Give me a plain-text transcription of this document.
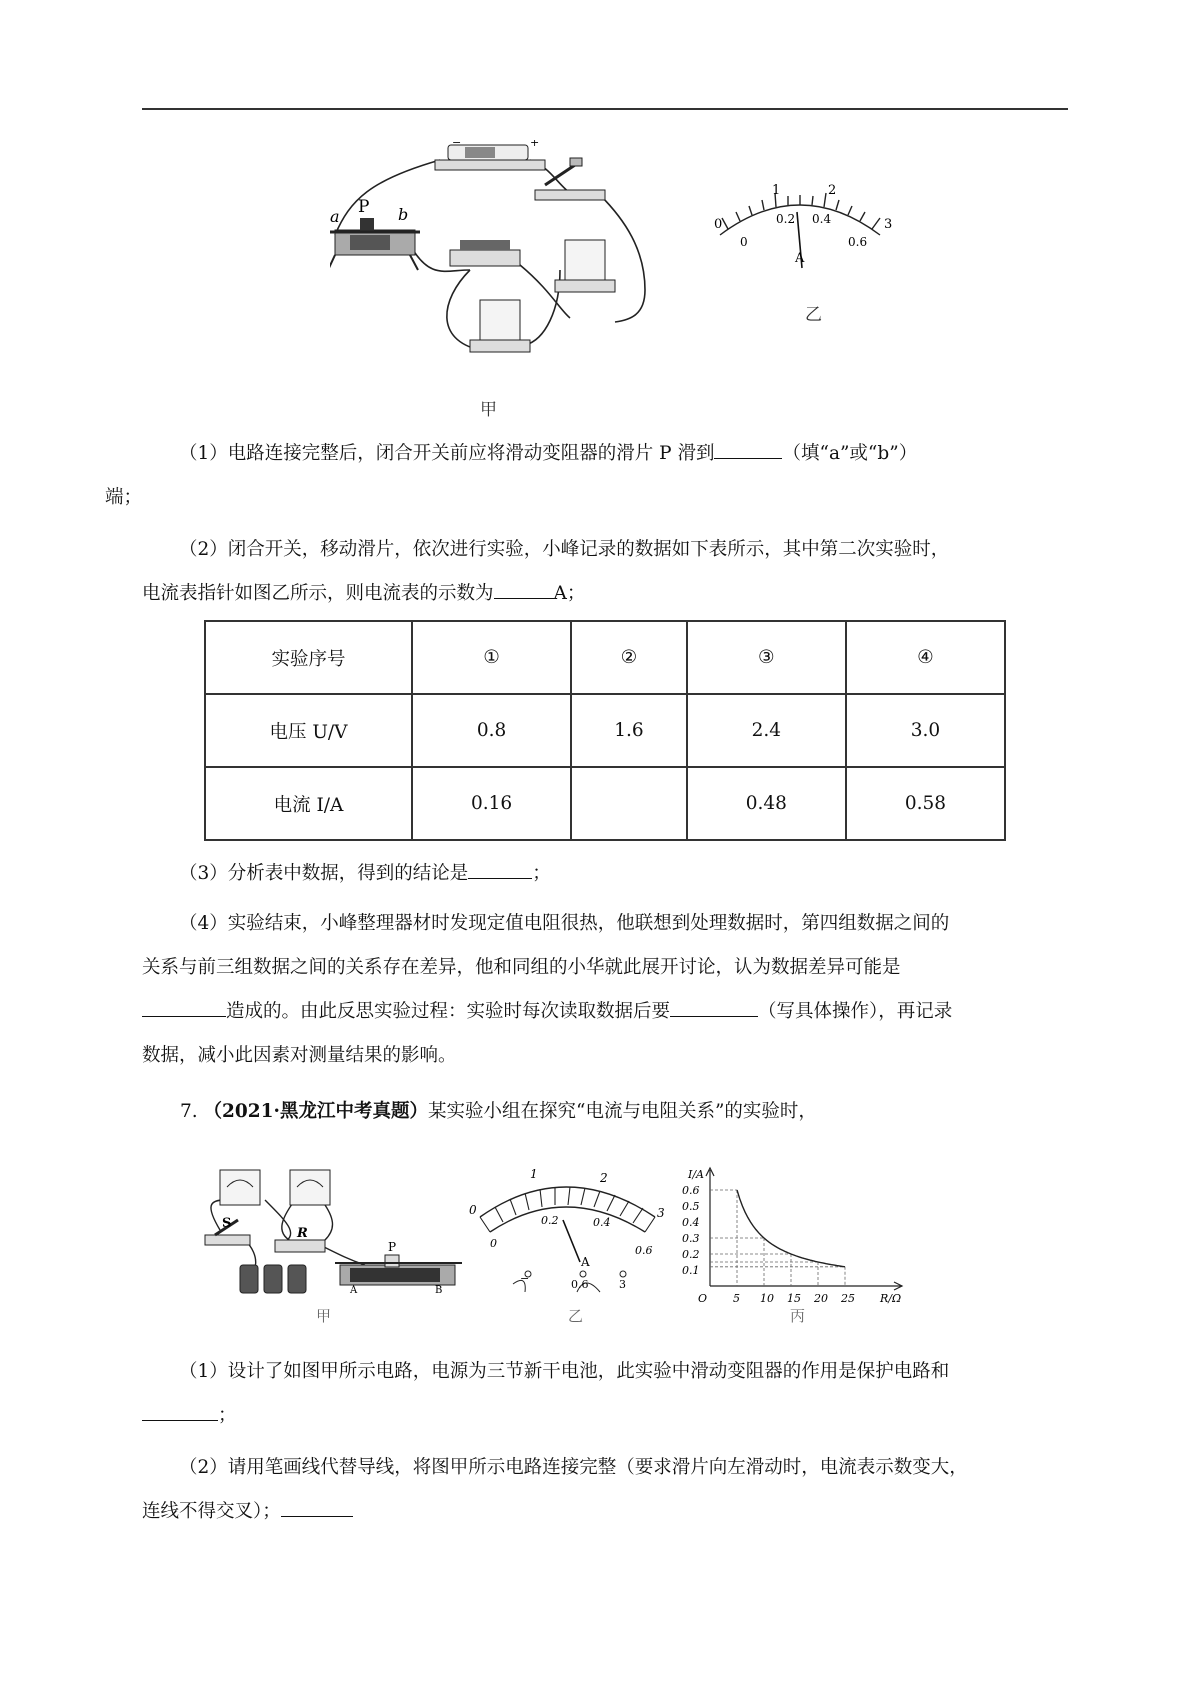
−	+
a P b
甲
0
1	2
3
0
0.2 0.4
0.6
A
乙

（1）电路连接完整后，闭合开关前应将滑动变阻器的滑片 P 滑到	（填“a”或“b”）
端；

（2）闭合开关，移动滑片，依次进行实验，小峰记录的数据如下表所示，其中第二次实验时，
电流表指针如图乙所示，则电流表的示数为	A；

实验序号	①	②	③	④
电压 U/V	0.8	1.6	2.4	3.0
电流 I/A	0.16		0.48	0.58

（3）分析表中数据，得到的结论是	；

（4）实验结束，小峰整理器材时发现定值电阻很热，他联想到处理数据时，第四组数据之间的
关系与前三组数据之间的关系存在差异，他和同组的小华就此展开讨论，认为数据差异可能是
造成的。由此反思实验过程：实验时每次读取数据后要	（写具体操作），再记录
数据，减小此因素对测量结果的影响。

7. （2021·黑龙江中考真题）某实验小组在探究“电流与电阻关系”的实验时，

S
R
P
A	B
甲
0
1	2
3
0
0.2	0.4
0.6
A
−	0.6	3
乙
0.1
0.2
0.3
0.4
0.5
0.6
5 10 15 20 25
I/A
R/Ω
O
丙

（1）设计了如图甲所示电路，电源为三节新干电池，此实验中滑动变阻器的作用是保护电路和
；

（2）请用笔画线代替导线，将图甲所示电路连接完整（要求滑片向左滑动时，电流表示数变大，
连线不得交叉）；
